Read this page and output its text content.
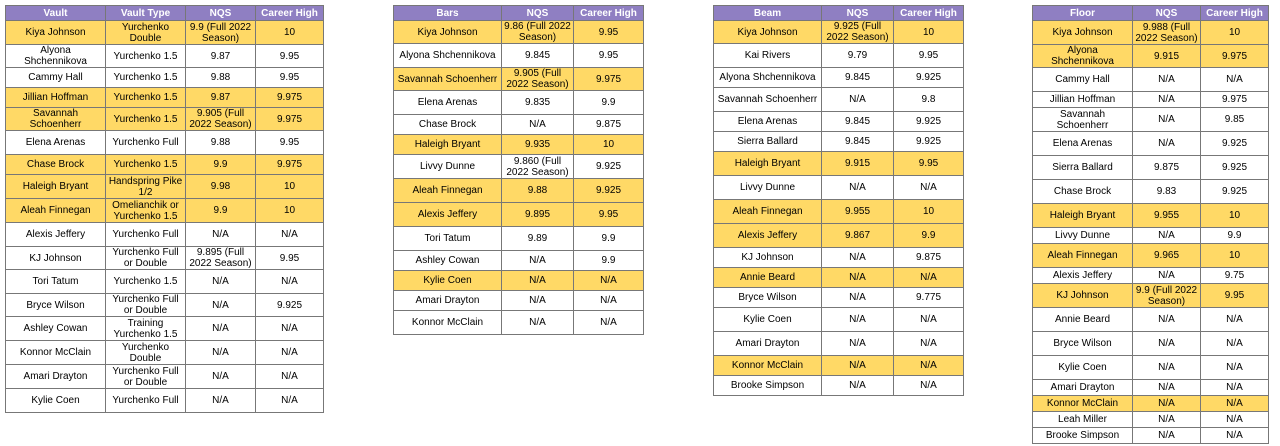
Vault	Vault Type	NQS	Career High
Kiya Johnson	Yurchenko Double	9.9 (Full 2022 Season)	10
Alyona Shchennikova	Yurchenko 1.5	9.87	9.95
Cammy Hall	Yurchenko 1.5	9.88	9.95
Jillian Hoffman	Yurchenko 1.5	9.87	9.975
Savannah Schoenherr	Yurchenko 1.5	9.905 (Full 2022 Season)	9.975
Elena Arenas	Yurchenko Full	9.88	9.95
Chase Brock	Yurchenko 1.5	9.9	9.975
Haleigh Bryant	Handspring Pike 1/2	9.98	10
Aleah Finnegan	Omelianchik or Yurchenko 1.5	9.9	10
Alexis Jeffery	Yurchenko Full	N/A	N/A
KJ Johnson	Yurchenko Full or Double	9.895 (Full 2022 Season)	9.95
Tori Tatum	Yurchenko 1.5	N/A	N/A
Bryce Wilson	Yurchenko Full or Double	N/A	9.925
Ashley Cowan	Training Yurchenko 1.5	N/A	N/A
Konnor McClain	Yurchenko Double	N/A	N/A
Amari Drayton	Yurchenko Full or Double	N/A	N/A
Kylie Coen	Yurchenko Full	N/A	N/A
Bars	NQS	Career High
Kiya Johnson	9.86 (Full 2022 Season)	9.95
Alyona Shchennikova	9.845	9.95
Savannah Schoenherr	9.905 (Full 2022 Season)	9.975
Elena Arenas	9.835	9.9
Chase Brock	N/A	9.875
Haleigh Bryant	9.935	10
Livvy Dunne	9.860 (Full 2022 Season)	9.925
Aleah Finnegan	9.88	9.925
Alexis Jeffery	9.895	9.95
Tori Tatum	9.89	9.9
Ashley Cowan	N/A	9.9
Kylie Coen	N/A	N/A
Amari Drayton	N/A	N/A
Konnor McClain	N/A	N/A
Beam	NQS	Career High
Kiya Johnson	9.925 (Full 2022 Season)	10
Kai Rivers	9.79	9.95
Alyona Shchennikova	9.845	9.925
Savannah Schoenherr	N/A	9.8
Elena Arenas	9.845	9.925
Sierra Ballard	9.845	9.925
Haleigh Bryant	9.915	9.95
Livvy Dunne	N/A	N/A
Aleah Finnegan	9.955	10
Alexis Jeffery	9.867	9.9
KJ Johnson	N/A	9.875
Annie Beard	N/A	N/A
Bryce Wilson	N/A	9.775
Kylie Coen	N/A	N/A
Amari Drayton	N/A	N/A
Konnor McClain	N/A	N/A
Brooke Simpson	N/A	N/A
Floor	NQS	Career High
Kiya Johnson	9.988 (Full 2022 Season)	10
Alyona Shchennikova	9.915	9.975
Cammy Hall	N/A	N/A
Jillian Hoffman	N/A	9.975
Savannah Schoenherr	N/A	9.85
Elena Arenas	N/A	9.925
Sierra Ballard	9.875	9.925
Chase Brock	9.83	9.925
Haleigh Bryant	9.955	10
Livvy Dunne	N/A	9.9
Aleah Finnegan	9.965	10
Alexis Jeffery	N/A	9.75
KJ Johnson	9.9 (Full 2022 Season)	9.95
Annie Beard	N/A	N/A
Bryce Wilson	N/A	N/A
Kylie Coen	N/A	N/A
Amari Drayton	N/A	N/A
Konnor McClain	N/A	N/A
Leah Miller	N/A	N/A
Brooke Simpson	N/A	N/A
